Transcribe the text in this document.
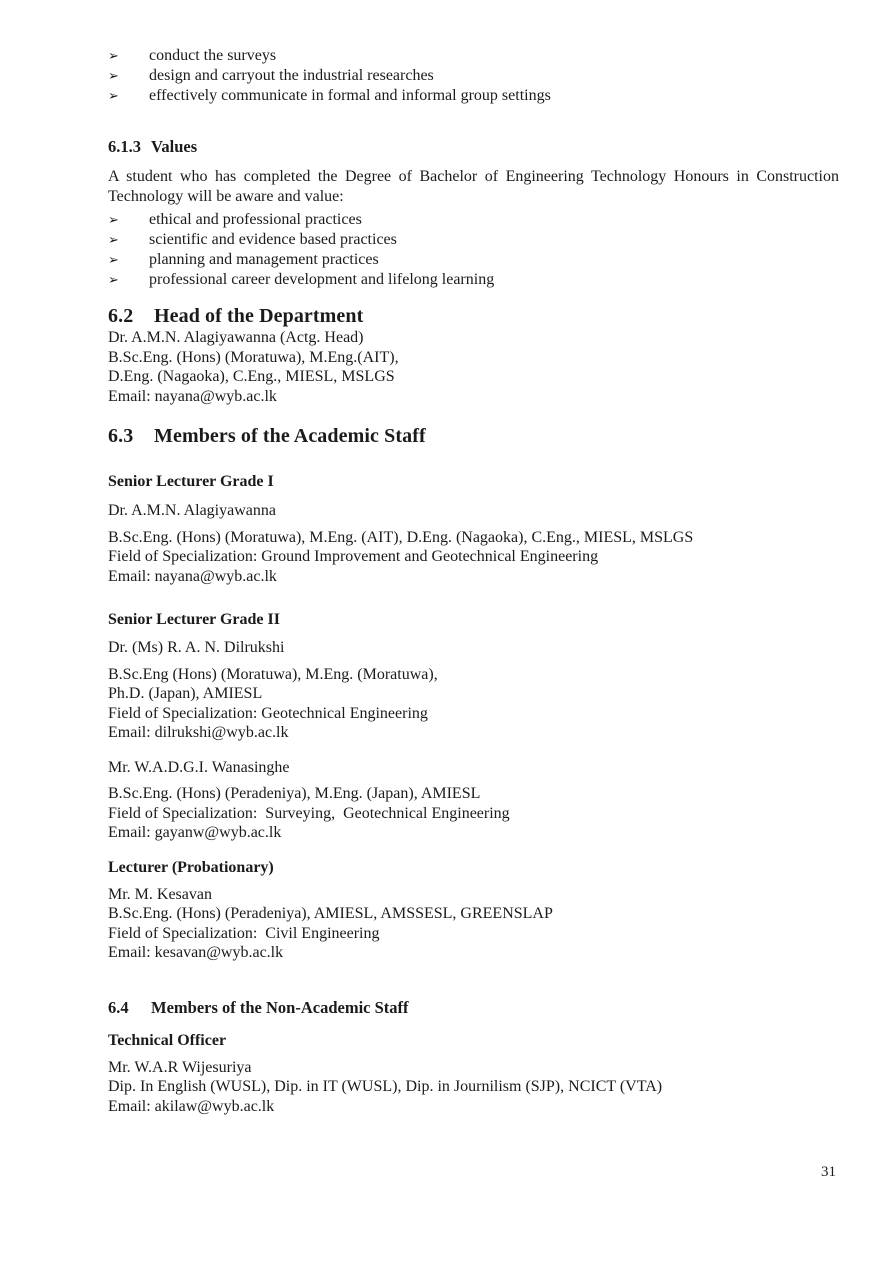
➢	conduct the surveys
➢	design and carryout the industrial researches
➢	effectively communicate in formal and informal group settings
6.1.3 Values

A student who has completed the Degree of Bachelor of Engineering Technology Honours in Construction Technology will be aware and value:

➢	ethical and professional practices
➢	scientific and evidence based practices
➢	planning and management practices
➢	professional career development and lifelong learning
6.2 Head of the Department
Dr. A.M.N. Alagiyawanna (Actg. Head)
B.Sc.Eng. (Hons) (Moratuwa), M.Eng.(AIT),
D.Eng. (Nagaoka), C.Eng., MIESL, MSLGS
Email: nayana@wyb.ac.lk
6.3 Members of the Academic Staff
Senior Lecturer Grade I
Dr. A.M.N. Alagiyawanna
B.Sc.Eng. (Hons) (Moratuwa), M.Eng. (AIT), D.Eng. (Nagaoka), C.Eng., MIESL, MSLGS
Field of Specialization: Ground Improvement and Geotechnical Engineering
Email: nayana@wyb.ac.lk
Senior Lecturer Grade II
Dr. (Ms) R. A. N. Dilrukshi
B.Sc.Eng (Hons) (Moratuwa), M.Eng. (Moratuwa),
Ph.D. (Japan), AMIESL
Field of Specialization: Geotechnical Engineering
Email: dilrukshi@wyb.ac.lk
Mr. W.A.D.G.I. Wanasinghe
B.Sc.Eng. (Hons) (Peradeniya), M.Eng. (Japan), AMIESL
Field of Specialization:  Surveying,  Geotechnical Engineering
Email: gayanw@wyb.ac.lk
Lecturer (Probationary)
Mr. M. Kesavan
B.Sc.Eng. (Hons) (Peradeniya), AMIESL, AMSSESL, GREENSLAP
Field of Specialization:  Civil Engineering
Email: kesavan@wyb.ac.lk
6.4 Members of the Non-Academic Staff
Technical Officer
Mr. W.A.R Wijesuriya
Dip. In English (WUSL), Dip. in IT (WUSL), Dip. in Journilism (SJP), NCICT (VTA)
Email: akilaw@wyb.ac.lk
31
